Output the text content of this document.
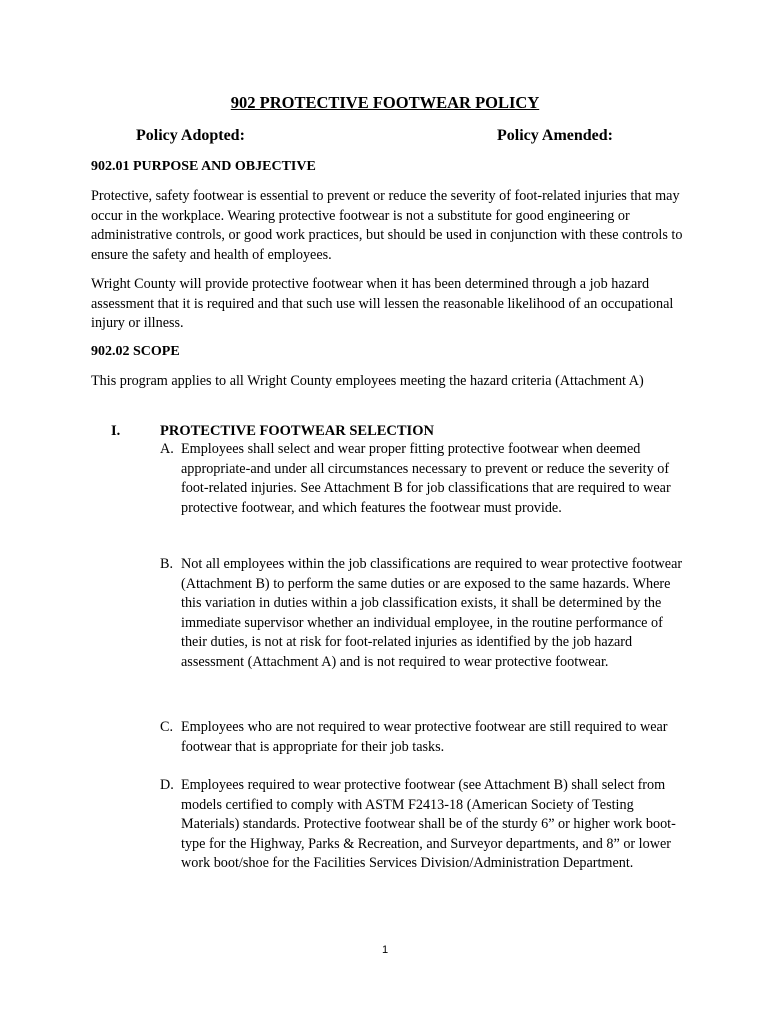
902 PROTECTIVE FOOTWEAR POLICY
Policy Adopted:	Policy Amended:
902.01 PURPOSE AND OBJECTIVE

Protective, safety footwear is essential to prevent or reduce the severity of foot-related injuries that may occur in the workplace. Wearing protective footwear is not a substitute for good engineering or administrative controls, or good work practices, but should be used in conjunction with these controls to ensure the safety and health of employees.

Wright County will provide protective footwear when it has been determined through a job hazard assessment that it is required and that such use will lessen the reasonable likelihood of an occupational injury or illness.

902.02 SCOPE

This program applies to all Wright County employees meeting the hazard criteria (Attachment A)

I.	PROTECTIVE FOOTWEAR SELECTION
A. Employees shall select and wear proper fitting protective footwear when deemed appropriate-and under all circumstances necessary to prevent or reduce the severity of foot-related injuries. See Attachment B for job classifications that are required to wear protective footwear, and which features the footwear must provide.
B. Not all employees within the job classifications are required to wear protective footwear (Attachment B) to perform the same duties or are exposed to the same hazards. Where this variation in duties within a job classification exists, it shall be determined by the immediate supervisor whether an individual employee, in the routine performance of their duties, is not at risk for foot-related injuries as identified by the job hazard assessment (Attachment A) and is not required to wear protective footwear.
C. Employees who are not required to wear protective footwear are still required to wear footwear that is appropriate for their job tasks.
D. Employees required to wear protective footwear (see Attachment B) shall select from models certified to comply with ASTM F2413-18 (American Society of Testing Materials) standards. Protective footwear shall be of the sturdy 6” or higher work boot-type for the Highway, Parks & Recreation, and Surveyor departments, and 8” or lower work boot/shoe for the Facilities Services Division/Administration Department.
1
